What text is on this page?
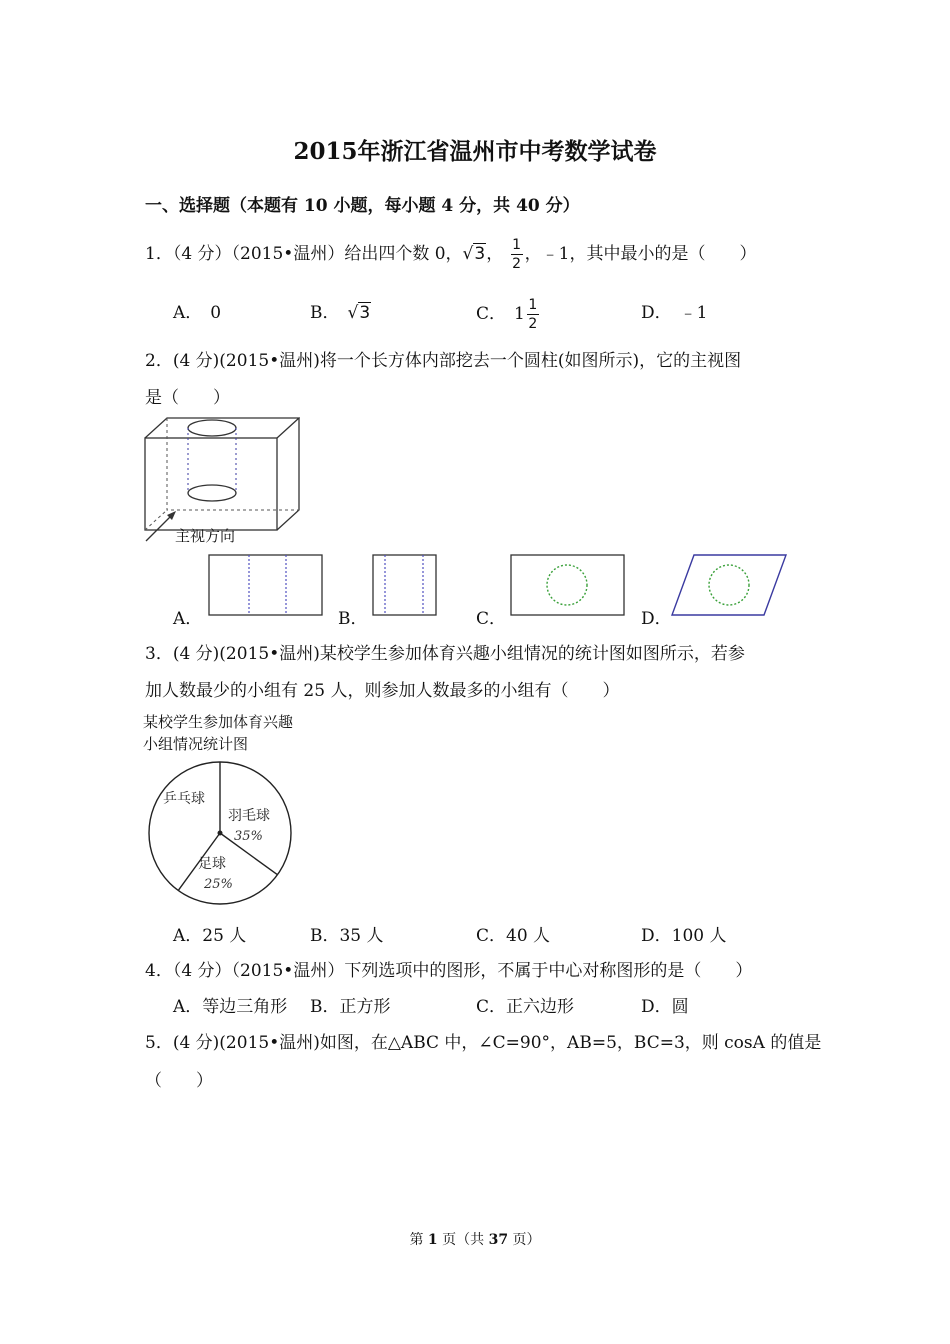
2015年浙江省温州市中考数学试卷
一、选择题（本题有 10 小题，每小题 4 分，共 40 分）
1．（4 分）（2015•温州）给出四个数 0，√3， $\frac{1}{2}$ ，﹣1，其中最小的是（　　）
A． 0	B． √3	C． $1 \frac{1}{2}$	D． ﹣1
2．(4 分)(2015•温州)将一个长方体内部挖去一个圆柱(如图所示)，它的主视图
是（　　）
主视方向
A．	B．	C．	D．
3．(4 分)(2015•温州)某校学生参加体育兴趣小组情况的统计图如图所示，若参
加人数最少的小组有 25 人，则参加人数最多的小组有（　　）
某校学生参加体育兴趣
小组情况统计图
乒乓球
羽毛球
35%
足球
25%
A．25 人	B．35 人	C．40 人	D．100 人
4．（4 分）（2015•温州）下列选项中的图形，不属于中心对称图形的是（　　）
A．等边三角形 B．正方形	C．正六边形	D．圆
5．(4 分)(2015•温州)如图，在△ABC 中，∠C=90°，AB=5，BC=3，则 cosA 的值是
（　　）
第 1 页（共 37 页）
